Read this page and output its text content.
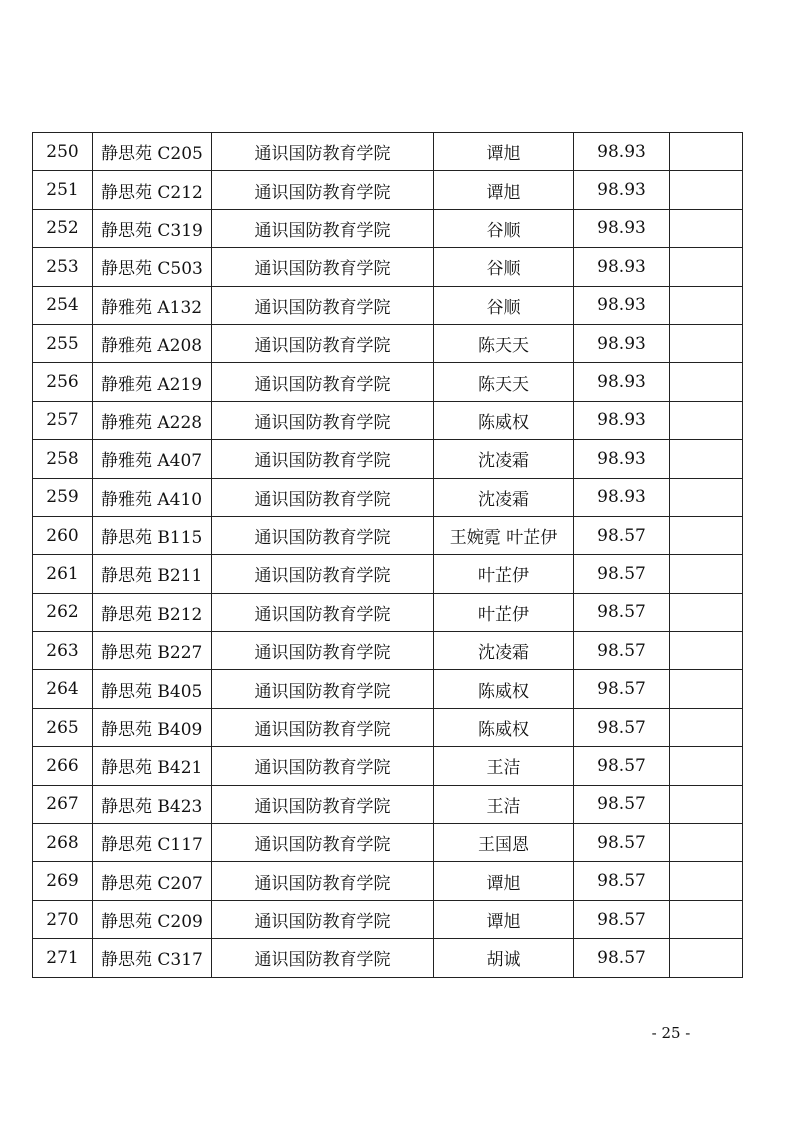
250	静思苑 C205	通识国防教育学院	谭旭	98.93	
251	静思苑 C212	通识国防教育学院	谭旭	98.93	
252	静思苑 C319	通识国防教育学院	谷顺	98.93	
253	静思苑 C503	通识国防教育学院	谷顺	98.93	
254	静雅苑 A132	通识国防教育学院	谷顺	98.93	
255	静雅苑 A208	通识国防教育学院	陈天天	98.93	
256	静雅苑 A219	通识国防教育学院	陈天天	98.93	
257	静雅苑 A228	通识国防教育学院	陈威权	98.93	
258	静雅苑 A407	通识国防教育学院	沈凌霜	98.93	
259	静雅苑 A410	通识国防教育学院	沈凌霜	98.93	
260	静思苑 B115	通识国防教育学院	王婉霓 叶芷伊	98.57	
261	静思苑 B211	通识国防教育学院	叶芷伊	98.57	
262	静思苑 B212	通识国防教育学院	叶芷伊	98.57	
263	静思苑 B227	通识国防教育学院	沈凌霜	98.57	
264	静思苑 B405	通识国防教育学院	陈威权	98.57	
265	静思苑 B409	通识国防教育学院	陈威权	98.57	
266	静思苑 B421	通识国防教育学院	王洁	98.57	
267	静思苑 B423	通识国防教育学院	王洁	98.57	
268	静思苑 C117	通识国防教育学院	王国恩	98.57	
269	静思苑 C207	通识国防教育学院	谭旭	98.57	
270	静思苑 C209	通识国防教育学院	谭旭	98.57	
271	静思苑 C317	通识国防教育学院	胡诚	98.57	
- 25 -
